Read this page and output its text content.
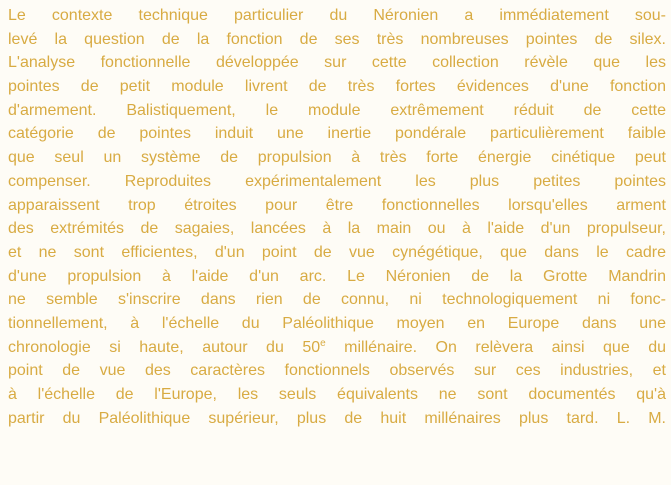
Le contexte technique particulier du Néronien a immédiatement sou-
levé la question de la fonction de ses très nombreuses pointes de silex.
L'analyse fonctionnelle développée sur cette collection révèle que les
pointes de petit module livrent de très fortes évidences d'une fonction
d'armement. Balistiquement, le module extrêmement réduit de cette
catégorie de pointes induit une inertie pondérale particulièrement faible
que seul un système de propulsion à très forte énergie cinétique peut
compenser. Reproduites expérimentalement les plus petites pointes
apparaissent trop étroites pour être fonctionnelles lorsqu'elles arment
des extrémités de sagaies, lancées à la main ou à l'aide d'un propulseur,
et ne sont efficientes, d'un point de vue cynégétique, que dans le cadre
d'une propulsion à l'aide d'un arc. Le Néronien de la Grotte Mandrin
ne semble s'inscrire dans rien de connu, ni technologiquement ni fonc-
tionnellement, à l'échelle du Paléolithique moyen en Europe dans une
chronologie si haute, autour du 50e millénaire. On relèvera ainsi que du
point de vue des caractères fonctionnels observés sur ces industries, et
à l'échelle de l'Europe, les seuls équivalents ne sont documentés qu'à
partir du Paléolithique supérieur, plus de huit millénaires plus tard. L. M.
